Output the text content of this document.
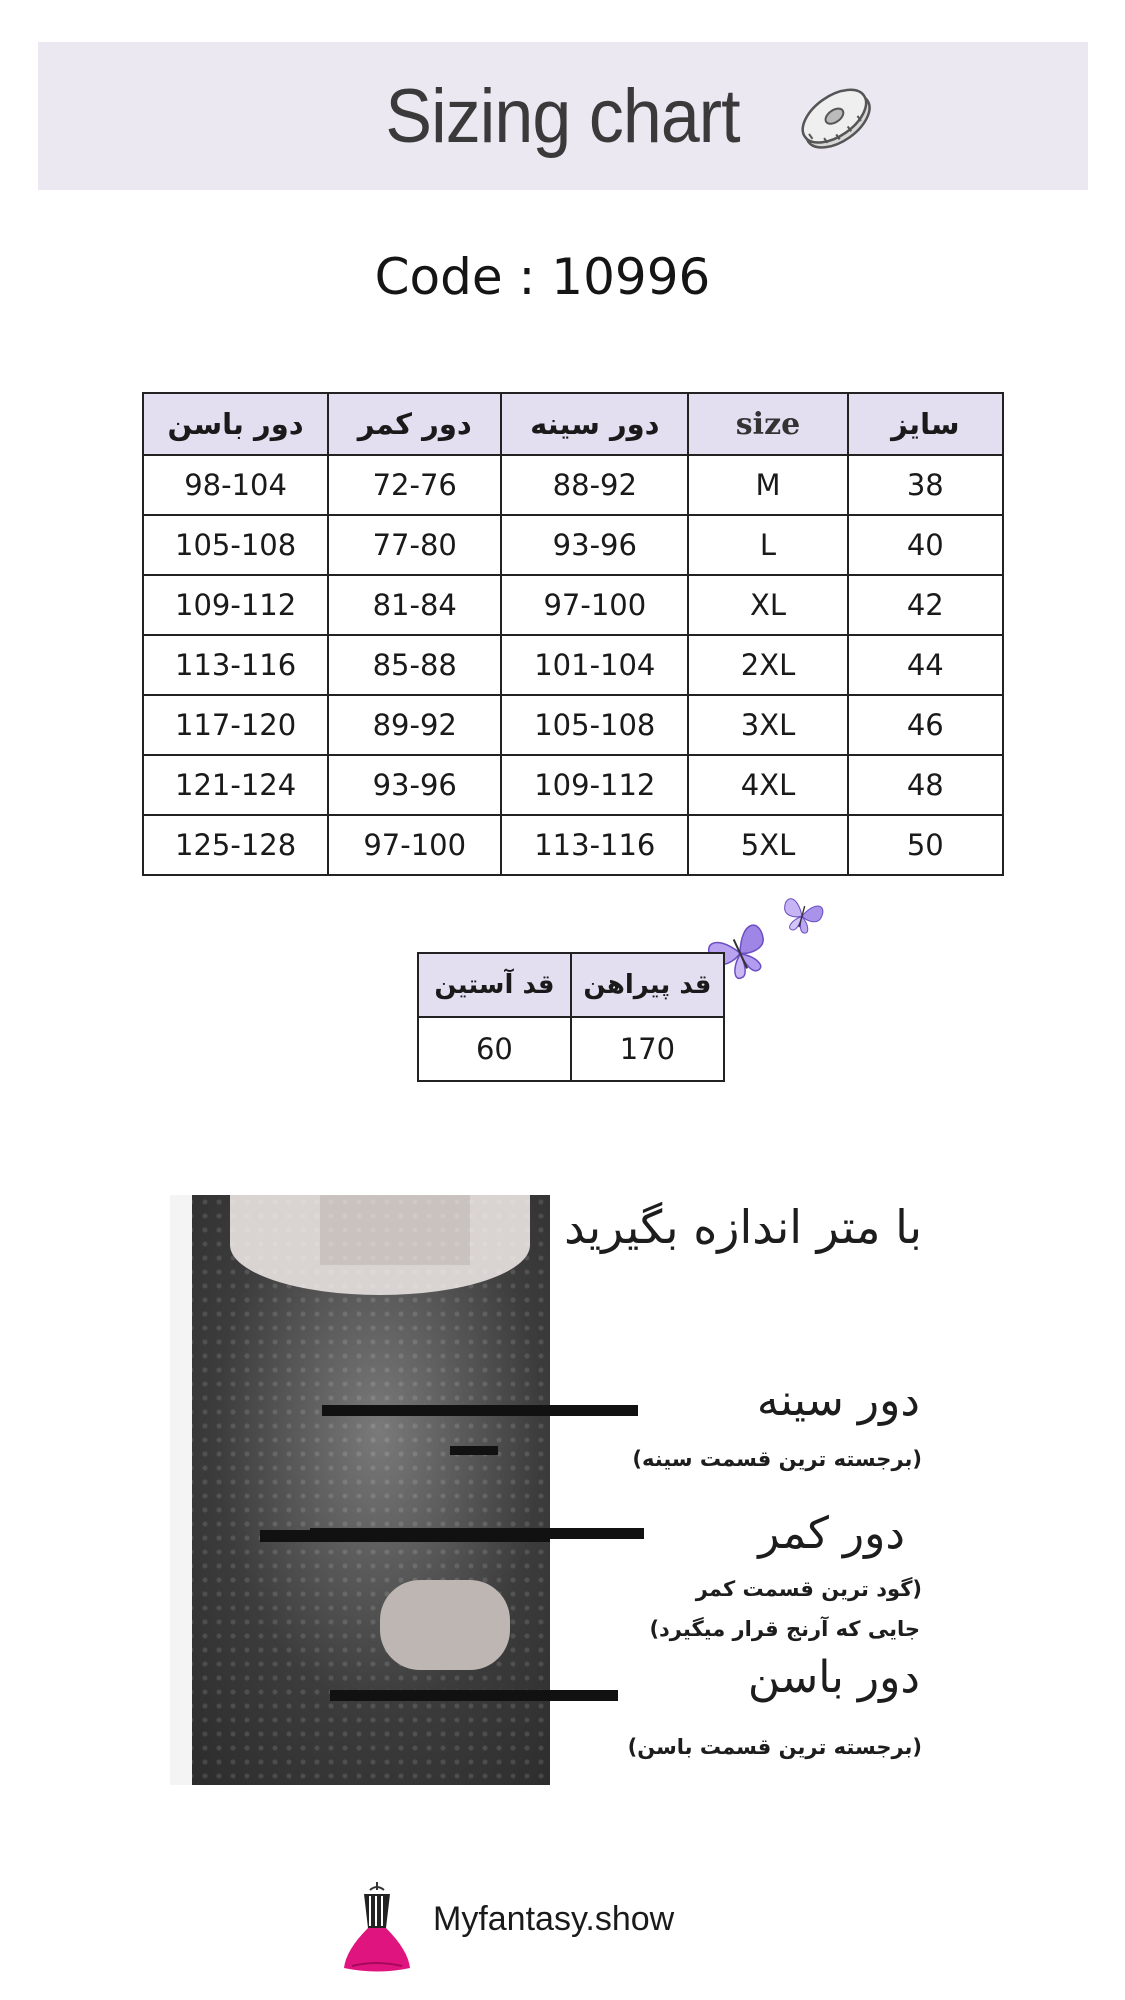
Sizing chart
Code : 10996
دور باسن	دور کمر	دور سینه	size	سایز
98-104	72-76	88-92	M	38
105-108	77-80	93-96	L	40
109-112	81-84	97-100	XL	42
113-116	85-88	101-104	2XL	44
117-120	89-92	105-108	3XL	46
121-124	93-96	109-112	4XL	48
125-128	97-100	113-116	5XL	50
قد آستین	قد پیراهن
60	170
با متر اندازه بگیرید
دور سینه
(برجسته ترین قسمت سینه)
دور کمر
(گود ترین قسمت کمر
جایی که آرنج قرار میگیرد)
دور باسن
(برجسته ترین قسمت باسن)
Myfantasy.show
